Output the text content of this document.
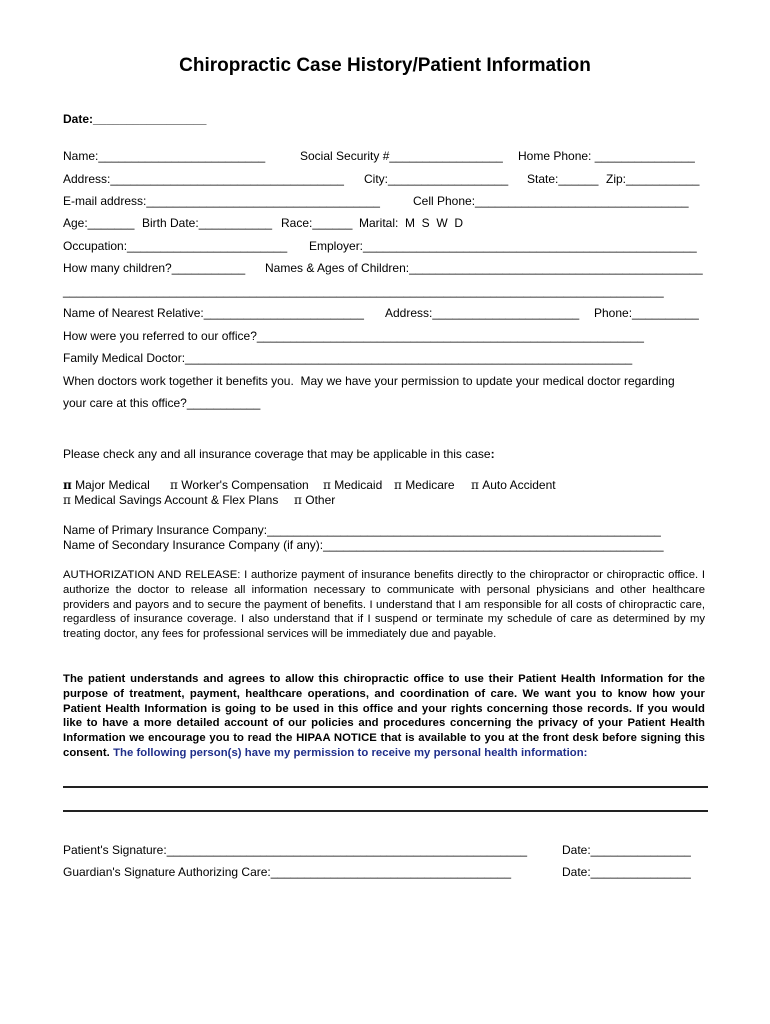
Chiropractic Case History/Patient Information
Date:_________________
Name:_________________________	Social Security #_________________ Home Phone: _______________
Address:___________________________________ City:__________________ State:______ Zip:___________
E-mail address:___________________________________	Cell Phone:________________________________
Age:_______ Birth Date:___________ Race:______ Marital:  M  S  W  D
Occupation:________________________ Employer:__________________________________________________
How many children?___________ Names & Ages of Children:____________________________________________
__________________________________________________________________________________________
Name of Nearest Relative:________________________ Address:______________________ Phone:__________
How were you referred to our office?__________________________________________________________
Family Medical Doctor:___________________________________________________________________
When doctors work together it benefits you.  May we have your permission to update your medical doctor regarding
your care at this office?___________
Please check any and all insurance coverage that may be applicable in this case:
π Major Medical π Worker's Compensation π Medicaid π Medicare π Auto Accident
π Medical Savings Account & Flex Plans π Other
Name of Primary Insurance Company:___________________________________________________________
Name of Secondary Insurance Company (if any):___________________________________________________
AUTHORIZATION AND RELEASE: I authorize payment of insurance benefits directly to the chiropractor or chiropractic office. I authorize the doctor to release all information necessary to communicate with personal physicians and other healthcare providers and payors and to secure the payment of benefits. I understand that I am responsible for all costs of chiropractic care, regardless of insurance coverage. I also understand that if I suspend or terminate my schedule of care as determined by my treating doctor, any fees for professional services will be immediately due and payable.
The patient understands and agrees to allow this chiropractic office to use their Patient Health Information for the purpose of treatment, payment, healthcare operations, and coordination of care. We want you to know how your Patient Health Information is going to be used in this office and your rights concerning those records. If you would like to have a more detailed account of our policies and procedures concerning the privacy of your Patient Health Information we encourage you to read the HIPAA NOTICE that is available to you at the front desk before signing this consent. The following person(s) have my permission to receive my personal health information:
Patient's Signature:______________________________________________________	Date:_______________
Guardian's Signature Authorizing Care:____________________________________	Date:_______________
